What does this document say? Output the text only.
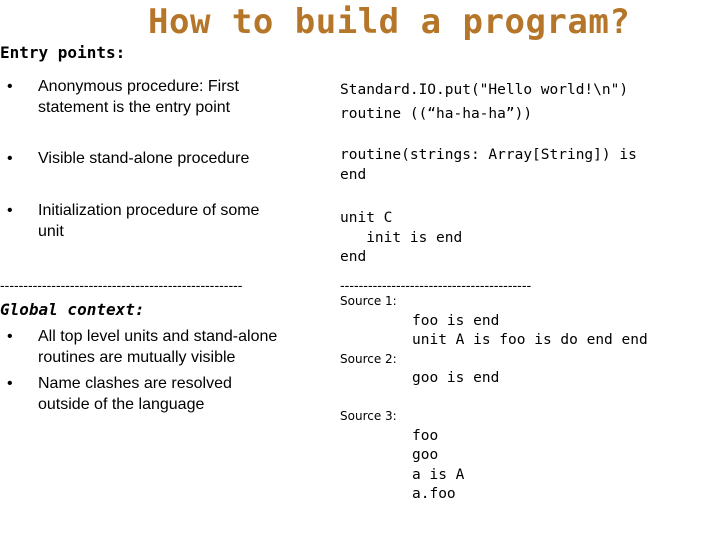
How to build a program?
Entry points:

•

Anonymous procedure: First
statement is the entry point

•

Visible stand-alone procedure

•

Initialization procedure of some
unit

----------------------------------------------------	-----------------------------------------
Global context:

•

All top level units and stand-alone
routines are mutually visible

•

Name clashes are resolved
outside of the language

Standard.IO.put("Hello world!\n")
routine ((“ha-ha-ha”))
routine(strings: Array[String]) is
end
unit C
init is end
end
Source 1:
foo is end
unit A is foo is do end end
Source 2:
goo is end
Source 3:
foo
goo
a is A
a.foo
